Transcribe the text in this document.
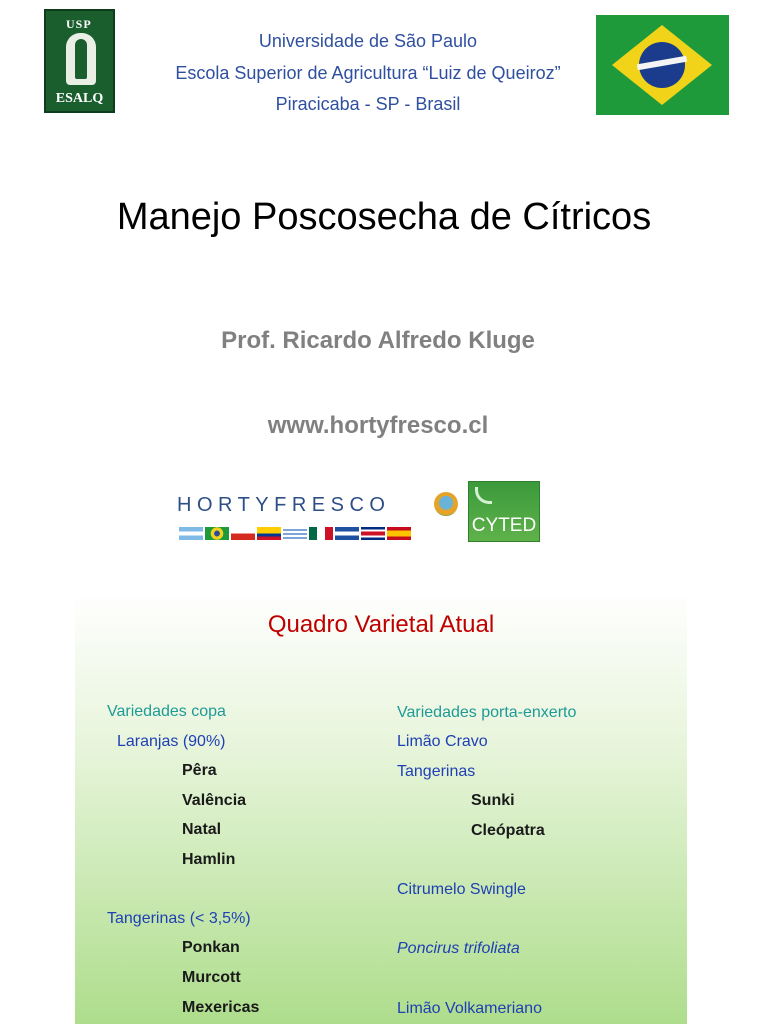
USP
ESALQ
Universidade de São Paulo
Escola Superior de Agricultura “Luiz de Queiroz”
Piracicaba - SP - Brasil
Manejo Poscosecha de Cítricos
Prof. Ricardo Alfredo Kluge
www.hortyfresco.cl
HORTYFRESCO
CYTED
Quadro Varietal Atual
Variedades copa
Laranjas (90%)
Pêra
Valência
Natal
Hamlin
Tangerinas (< 3,5%)
Ponkan
Murcott
Mexericas
Variedades porta-enxerto
Limão Cravo
Tangerinas
Sunki
Cleópatra
Citrumelo Swingle
Poncirus trifoliata
Limão Volkameriano
